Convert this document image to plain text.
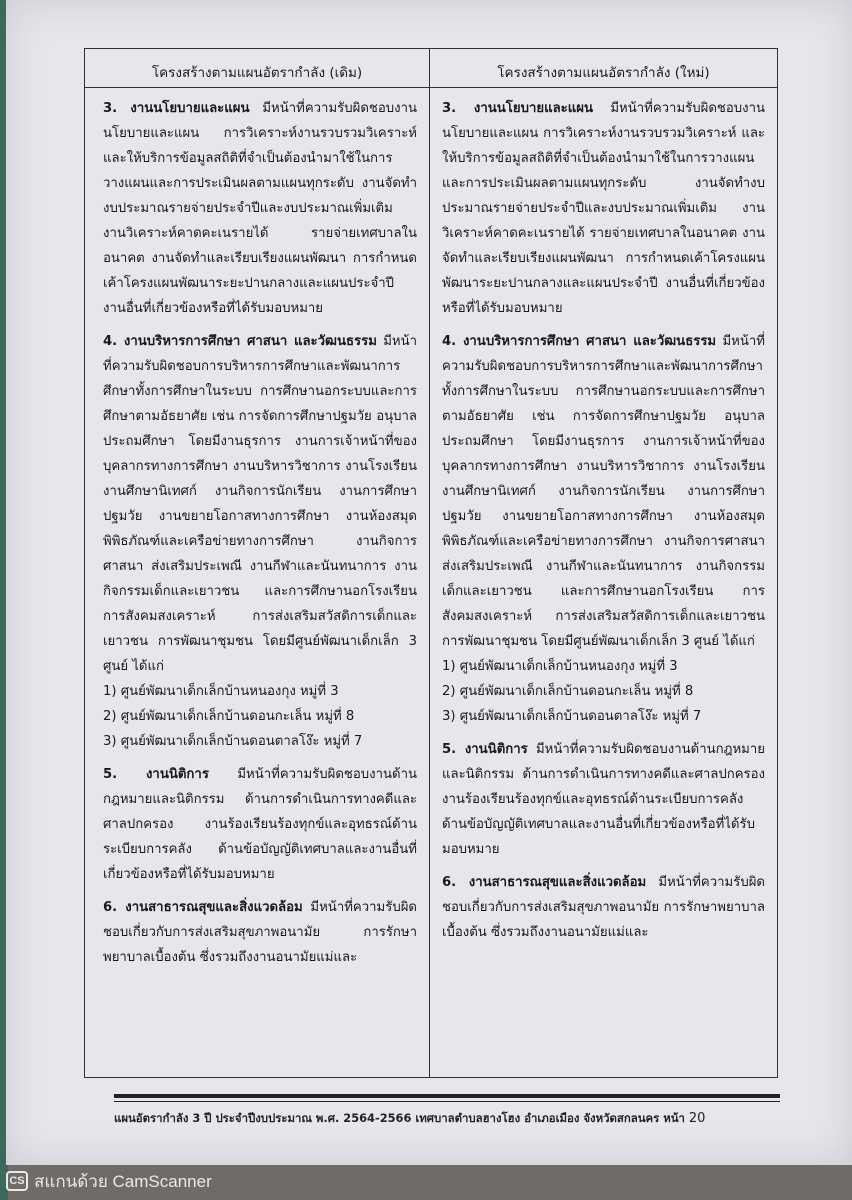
โครงสร้างตามแผนอัตรากำลัง (เดิม)

3. งานนโยบายและแผน มีหน้าที่ความรับผิดชอบงานนโยบายและแผน การวิเคราะห์งานรวบรวมวิเคราะห์ และให้บริการข้อมูลสถิติที่จำเป็นต้องนำมาใช้ในการวางแผนและการประเมินผลตามแผนทุกระดับ งานจัดทำงบประมาณรายจ่ายประจำปีและงบประมาณเพิ่มเติม งานวิเคราะห์คาดคะเนรายได้ รายจ่ายเทศบาลในอนาคต งานจัดทำและเรียบเรียงแผนพัฒนา การกำหนดเค้าโครงแผนพัฒนาระยะปานกลางและแผนประจำปี งานอื่นที่เกี่ยวข้องหรือที่ได้รับมอบหมาย

4. งานบริหารการศึกษา ศาสนา และวัฒนธรรม มีหน้าที่ความรับผิดชอบการบริหารการศึกษาและพัฒนาการศึกษาทั้งการศึกษาในระบบ การศึกษานอกระบบและการศึกษาตามอัธยาศัย เช่น การจัดการศึกษาปฐมวัย อนุบาล ประถมศึกษา โดยมีงานธุรการ งานการเจ้าหน้าที่ของบุคลากรทางการศึกษา งานบริหารวิชาการ งานโรงเรียน งานศึกษานิเทศก์ งานกิจการนักเรียน งานการศึกษาปฐมวัย งานขยายโอกาสทางการศึกษา งานห้องสมุด พิพิธภัณฑ์และเครือข่ายทางการศึกษา งานกิจการศาสนา ส่งเสริมประเพณี งานกีฬาและนันทนาการ งานกิจกรรมเด็กและเยาวชน และการศึกษานอกโรงเรียน การสังคมสงเคราะห์ การส่งเสริมสวัสดิการเด็กและเยาวชน การพัฒนาชุมชน โดยมีศูนย์พัฒนาเด็กเล็ก 3 ศูนย์ ได้แก่

1) ศูนย์พัฒนาเด็กเล็กบ้านหนองกุง หมู่ที่ 3

2) ศูนย์พัฒนาเด็กเล็กบ้านดอนกะเล็น หมู่ที่ 8

3) ศูนย์พัฒนาเด็กเล็กบ้านดอนตาลโง๊ะ หมู่ที่ 7

5. งานนิติการ มีหน้าที่ความรับผิดชอบงานด้านกฎหมายและนิติกรรม ด้านการดำเนินการทางคดีและศาลปกครอง งานร้องเรียนร้องทุกข์และอุทธรณ์ด้านระเบียบการคลัง ด้านข้อบัญญัติเทศบาลและงานอื่นที่เกี่ยวข้องหรือที่ได้รับมอบหมาย

6. งานสาธารณสุขและสิ่งแวดล้อม มีหน้าที่ความรับผิดชอบเกี่ยวกับการส่งเสริมสุขภาพอนามัย การรักษาพยาบาลเบื้องต้น ซึ่งรวมถึงงานอนามัยแม่และ

โครงสร้างตามแผนอัตรากำลัง (ใหม่)

3. งานนโยบายและแผน มีหน้าที่ความรับผิดชอบงานนโยบายและแผน การวิเคราะห์งานรวบรวมวิเคราะห์ และให้บริการข้อมูลสถิติที่จำเป็นต้องนำมาใช้ในการวางแผนและการประเมินผลตามแผนทุกระดับ งานจัดทำงบประมาณรายจ่ายประจำปีและงบประมาณเพิ่มเติม งานวิเคราะห์คาดคะเนรายได้ รายจ่ายเทศบาลในอนาคต งานจัดทำและเรียบเรียงแผนพัฒนา การกำหนดเค้าโครงแผนพัฒนาระยะปานกลางและแผนประจำปี งานอื่นที่เกี่ยวข้องหรือที่ได้รับมอบหมาย

4. งานบริหารการศึกษา ศาสนา และวัฒนธรรม มีหน้าที่ความรับผิดชอบการบริหารการศึกษาและพัฒนาการศึกษาทั้งการศึกษาในระบบ การศึกษานอกระบบและการศึกษาตามอัธยาศัย เช่น การจัดการศึกษาปฐมวัย อนุบาล ประถมศึกษา โดยมีงานธุรการ งานการเจ้าหน้าที่ของบุคลากรทางการศึกษา งานบริหารวิชาการ งานโรงเรียน งานศึกษานิเทศก์ งานกิจการนักเรียน งานการศึกษาปฐมวัย งานขยายโอกาสทางการศึกษา งานห้องสมุด พิพิธภัณฑ์และเครือข่ายทางการศึกษา งานกิจการศาสนา ส่งเสริมประเพณี งานกีฬาและนันทนาการ งานกิจกรรมเด็กและเยาวชน และการศึกษานอกโรงเรียน การสังคมสงเคราะห์ การส่งเสริมสวัสดิการเด็กและเยาวชน การพัฒนาชุมชน โดยมีศูนย์พัฒนาเด็กเล็ก 3 ศูนย์ ได้แก่

1) ศูนย์พัฒนาเด็กเล็กบ้านหนองกุง หมู่ที่ 3

2) ศูนย์พัฒนาเด็กเล็กบ้านดอนกะเล็น หมู่ที่ 8

3) ศูนย์พัฒนาเด็กเล็กบ้านดอนตาลโง๊ะ หมู่ที่ 7

5. งานนิติการ มีหน้าที่ความรับผิดชอบงานด้านกฎหมายและนิติกรรม ด้านการดำเนินการทางคดีและศาลปกครอง งานร้องเรียนร้องทุกข์และอุทธรณ์ด้านระเบียบการคลัง ด้านข้อบัญญัติเทศบาลและงานอื่นที่เกี่ยวข้องหรือที่ได้รับมอบหมาย

6. งานสาธารณสุขและสิ่งแวดล้อม มีหน้าที่ความรับผิดชอบเกี่ยวกับการส่งเสริมสุขภาพอนามัย การรักษาพยาบาลเบื้องต้น ซึ่งรวมถึงงานอนามัยแม่และ

แผนอัตรากำลัง 3 ปี ประจำปีงบประมาณ พ.ศ. 2564-2566 เทศบาลตำบลฮางโฮง อำเภอเมือง จังหวัดสกลนคร หน้า 20
CS สแกนด้วย CamScanner
